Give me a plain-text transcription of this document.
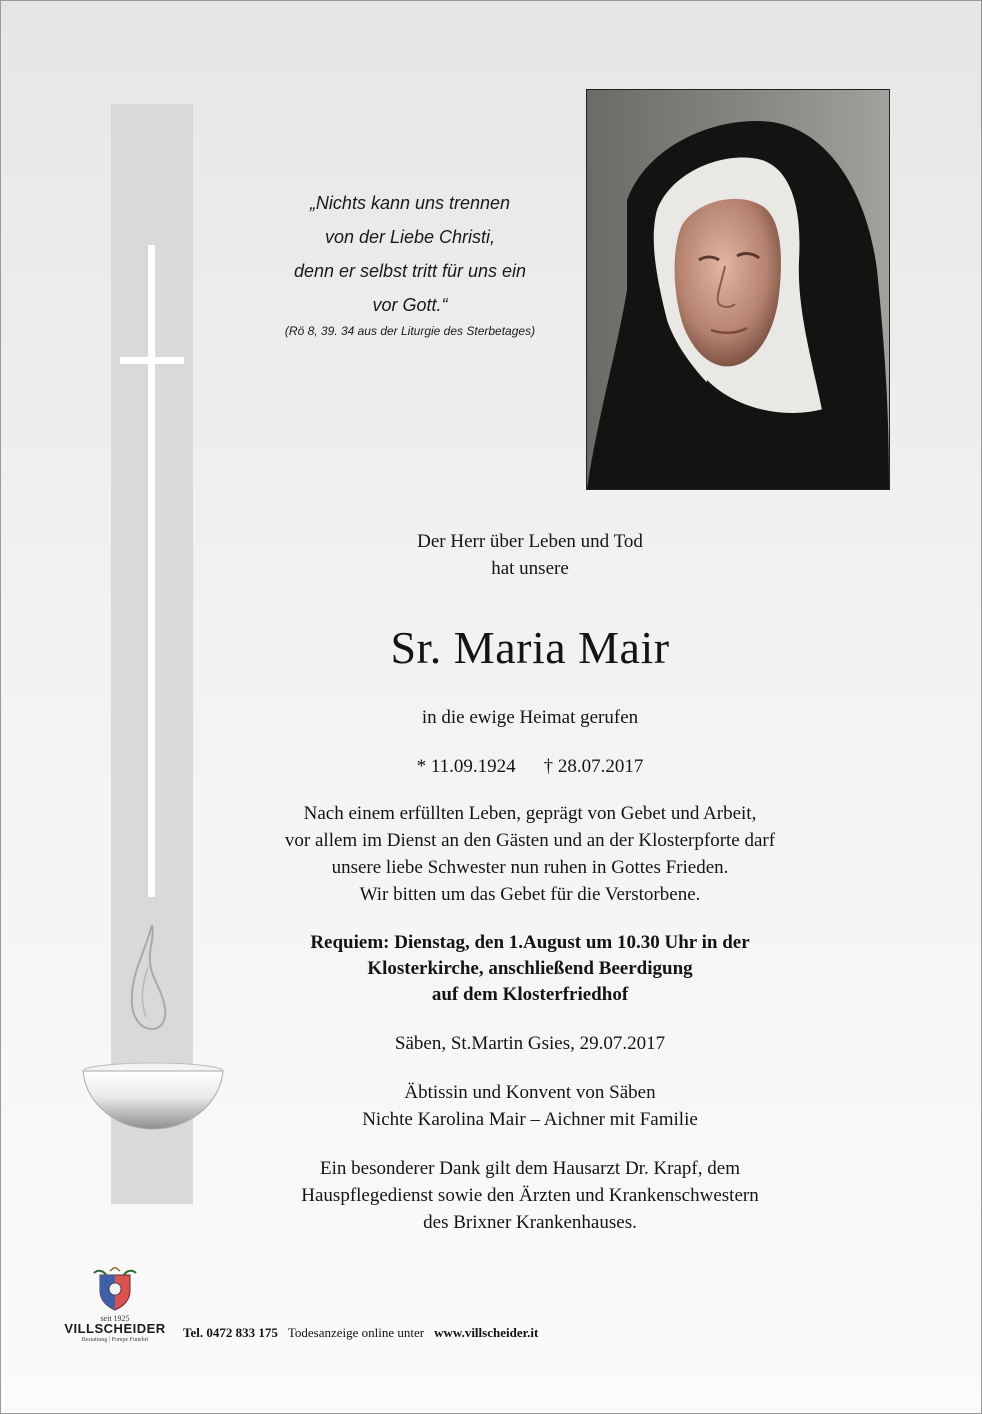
„Nichts kann uns trennen
von der Liebe Christi,
denn er selbst tritt für uns ein
vor Gott.“
(Rö 8, 39. 34 aus der Liturgie des Sterbetages)

Der Herr über Leben und Tod
hat unsere

Sr. Maria Mair

in die ewige Heimat gerufen

* 11.09.1924 † 28.07.2017

Nach einem erfüllten Leben, geprägt von Gebet und Arbeit,
vor allem im Dienst an den Gästen und an der Klosterpforte darf
unsere liebe Schwester nun ruhen in Gottes Frieden.
Wir bitten um das Gebet für die Verstorbene.

Requiem: Dienstag, den 1.August um 10.30 Uhr in der
Klosterkirche, anschließend Beerdigung
auf dem Klosterfriedhof

Säben, St.Martin Gsies, 29.07.2017

Äbtissin und Konvent von Säben
Nichte Karolina Mair – Aichner mit Familie

Ein besonderer Dank gilt dem Hausarzt Dr. Krapf, dem
Hauspflegedienst sowie den Ärzten und Krankenschwestern
des Brixner Krankenhauses.

seit 1925
VILLSCHEIDER
Bestattung | Pompe Funebri	Tel. 0472 833 175 Todesanzeige online unter www.villscheider.it
